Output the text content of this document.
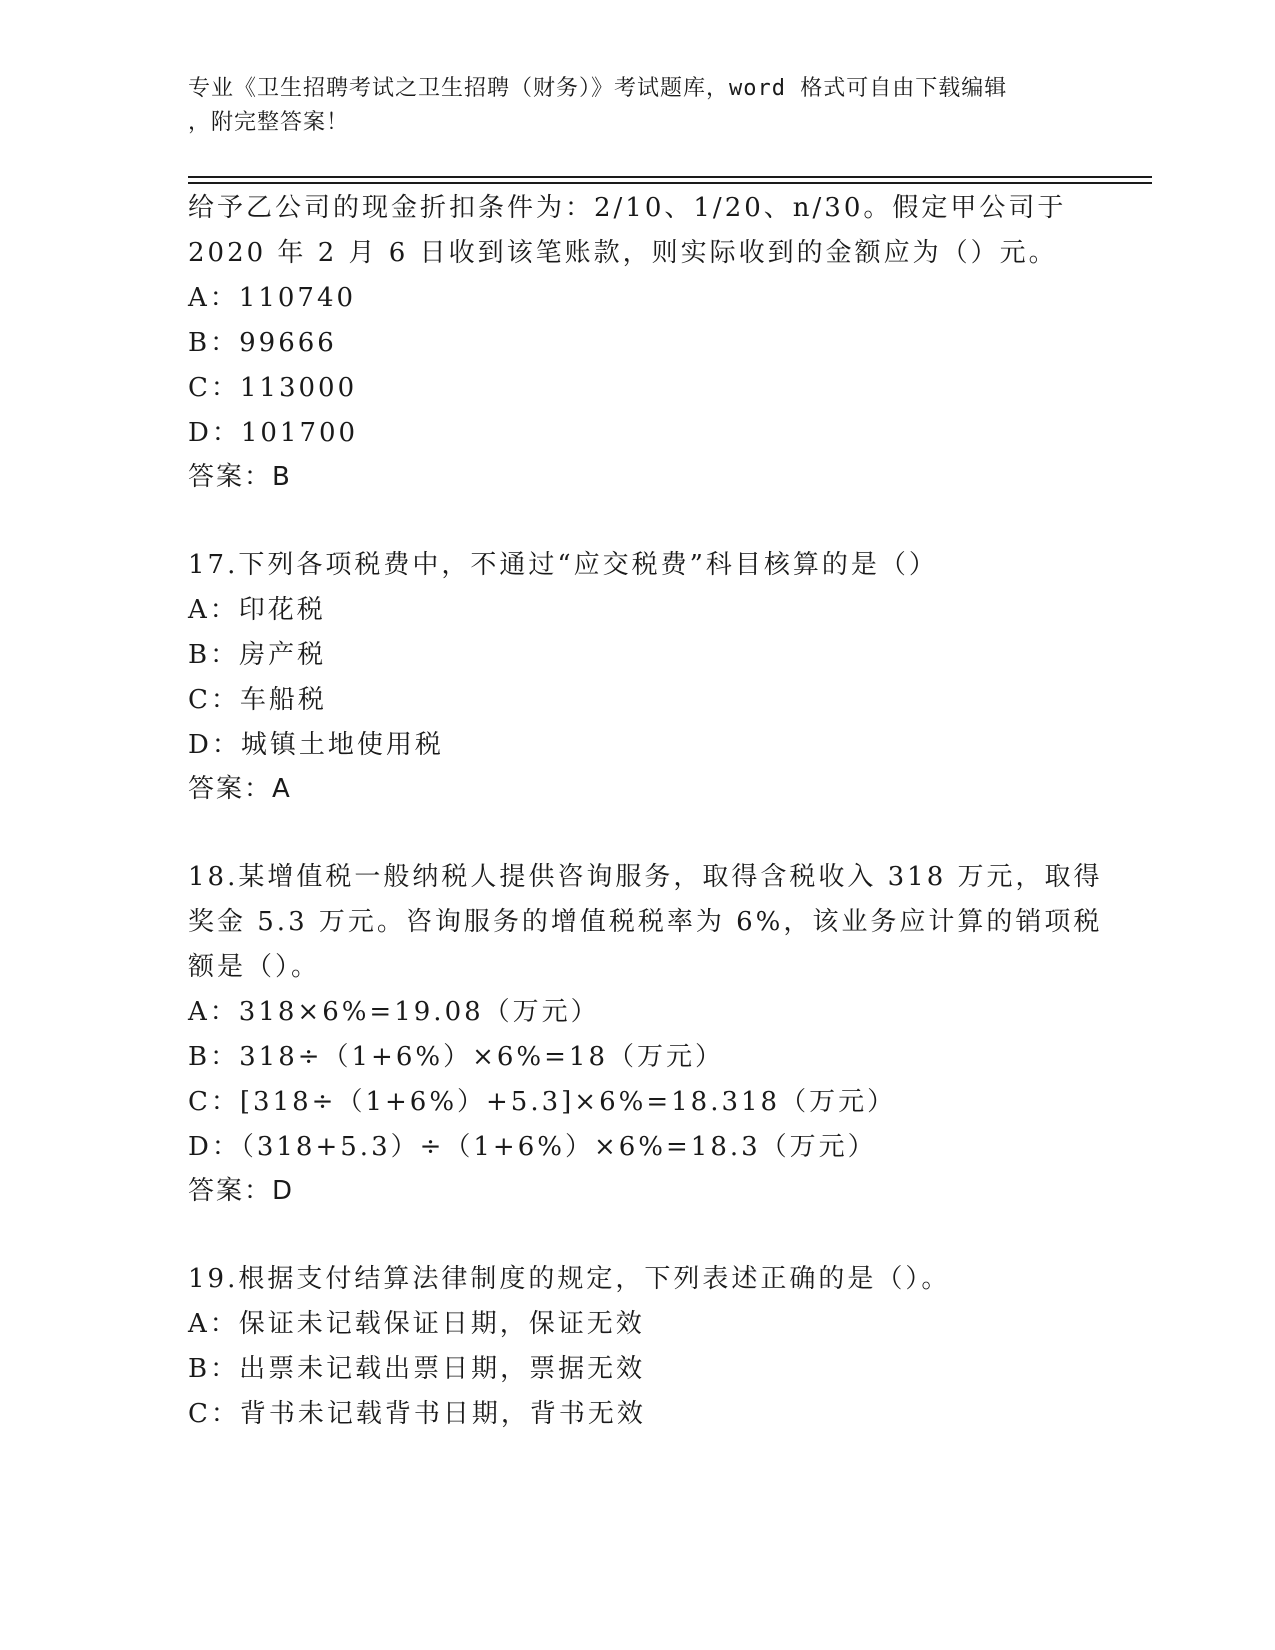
专业《卫生招聘考试之卫生招聘（财务）》考试题库，word 格式可自由下载编辑
，附完整答案！
给予乙公司的现金折扣条件为：2/10、1/20、n/30。假定甲公司于
2020 年 2 月 6 日收到该笔账款，则实际收到的金额应为（）元。
A：110740
B：99666
C：113000
D：101700
答案：B
17.下列各项税费中，不通过“应交税费”科目核算的是（）
A：印花税
B：房产税
C：车船税
D：城镇土地使用税
答案：A
18.某增值税一般纳税人提供咨询服务，取得含税收入 318 万元，取得
奖金 5.3 万元。咨询服务的增值税税率为 6%，该业务应计算的销项税
额是（）。
A：318×6%=19.08（万元）
B：318÷（1+6%）×6%=18（万元）
C：[318÷（1+6%）+5.3]×6%=18.318（万元）
D：（318+5.3）÷（1+6%）×6%=18.3（万元）
答案：D
19.根据支付结算法律制度的规定，下列表述正确的是（）。
A：保证未记载保证日期，保证无效
B：出票未记载出票日期，票据无效
C：背书未记载背书日期，背书无效
